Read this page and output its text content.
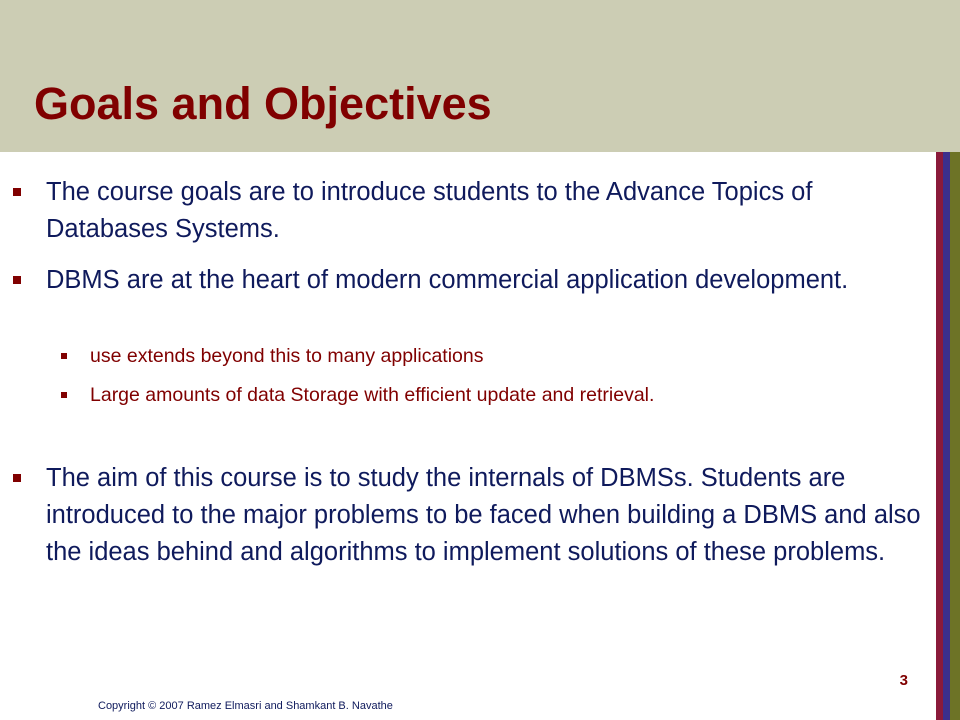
Goals and Objectives
The course goals are to introduce students to the Advance Topics of Databases Systems.
DBMS are at the heart of modern commercial application development.
use extends beyond this to many applications
Large amounts of data Storage with efficient update and retrieval.
The aim of this course is to study the internals of DBMSs. Students are introduced to the major problems to be faced when building a DBMS and also the ideas behind and algorithms to implement solutions of these problems.
3
Copyright © 2007 Ramez Elmasri and Shamkant B. Navathe
